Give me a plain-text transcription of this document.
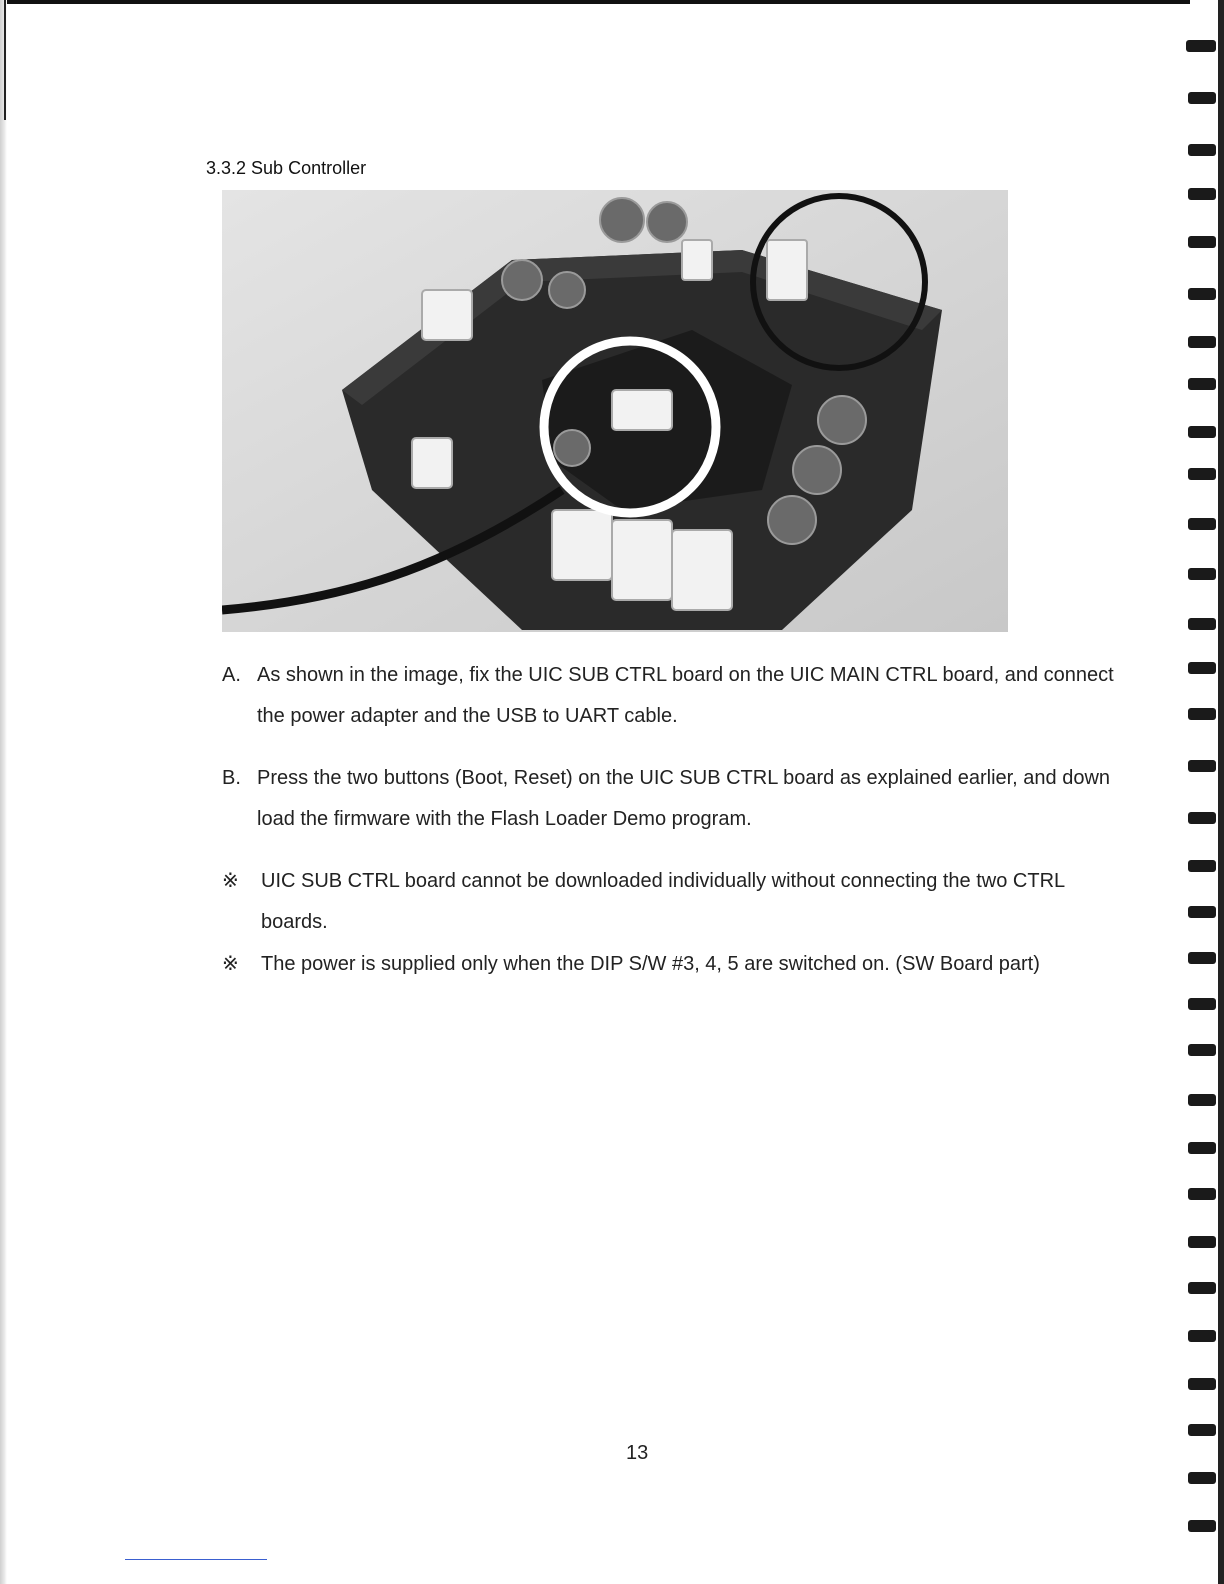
3.3.2 Sub Controller
A. As shown in the image, fix the UIC SUB CTRL board on the UIC MAIN CTRL board, and connect the power adapter and the USB to UART cable.
B. Press the two buttons (Boot, Reset) on the UIC SUB CTRL board as explained earlier, and down load the firmware with the Flash Loader Demo program.
※	UIC SUB CTRL board cannot be downloaded individually without connecting the two CTRL boards.
※	The power is supplied only when the DIP S/W #3, 4, 5 are switched on. (SW Board part)
13
